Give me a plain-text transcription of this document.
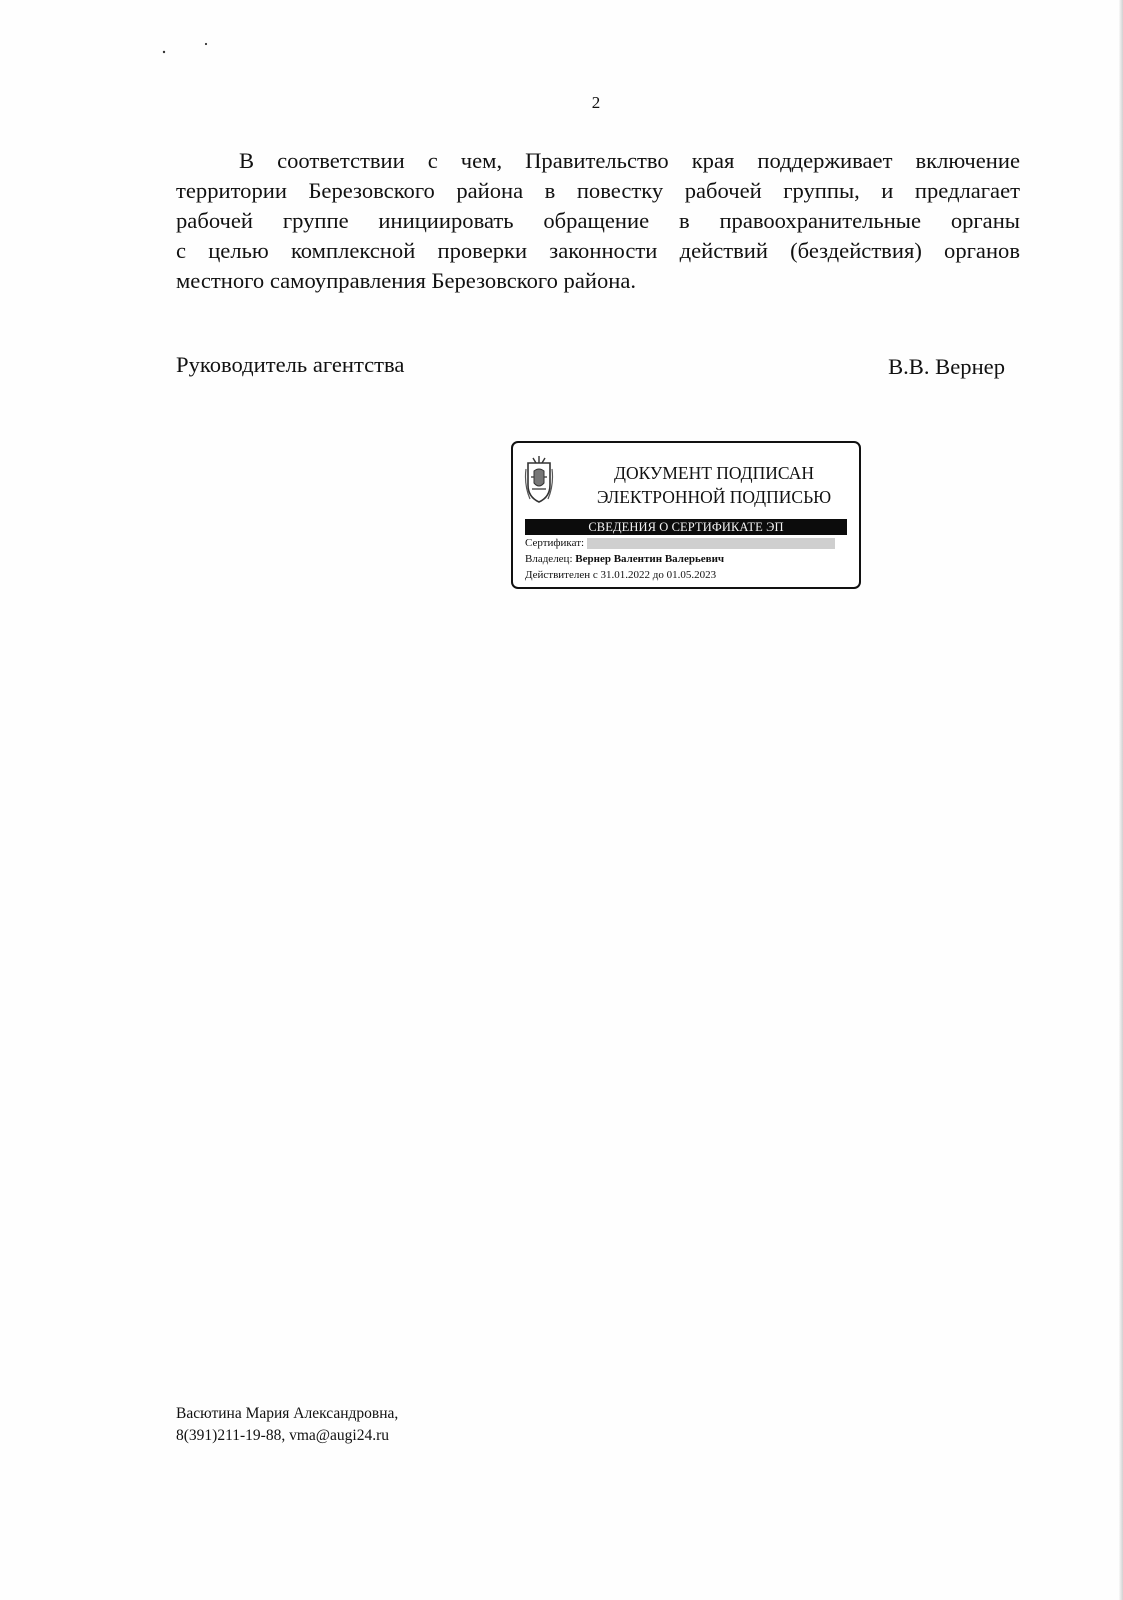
2
В соответствии с чем, Правительство края поддерживает включение
территории Березовского района в повестку рабочей группы, и предлагает
рабочей группе инициировать обращение в правоохранительные органы
с целью комплексной проверки законности действий (бездействия) органов
местного самоуправления Березовского района.
Руководитель агентства	В.В. Вернер
ДОКУМЕНТ ПОДПИСАН
ЭЛЕКТРОННОЙ ПОДПИСЬЮ
СВЕДЕНИЯ О СЕРТИФИКАТЕ ЭП
Сертификат:
Владелец: Вернер Валентин Валерьевич
Действителен с 31.01.2022 до 01.05.2023
Васютина Мария Александровна,
8(391)211-19-88, vma@augi24.ru
